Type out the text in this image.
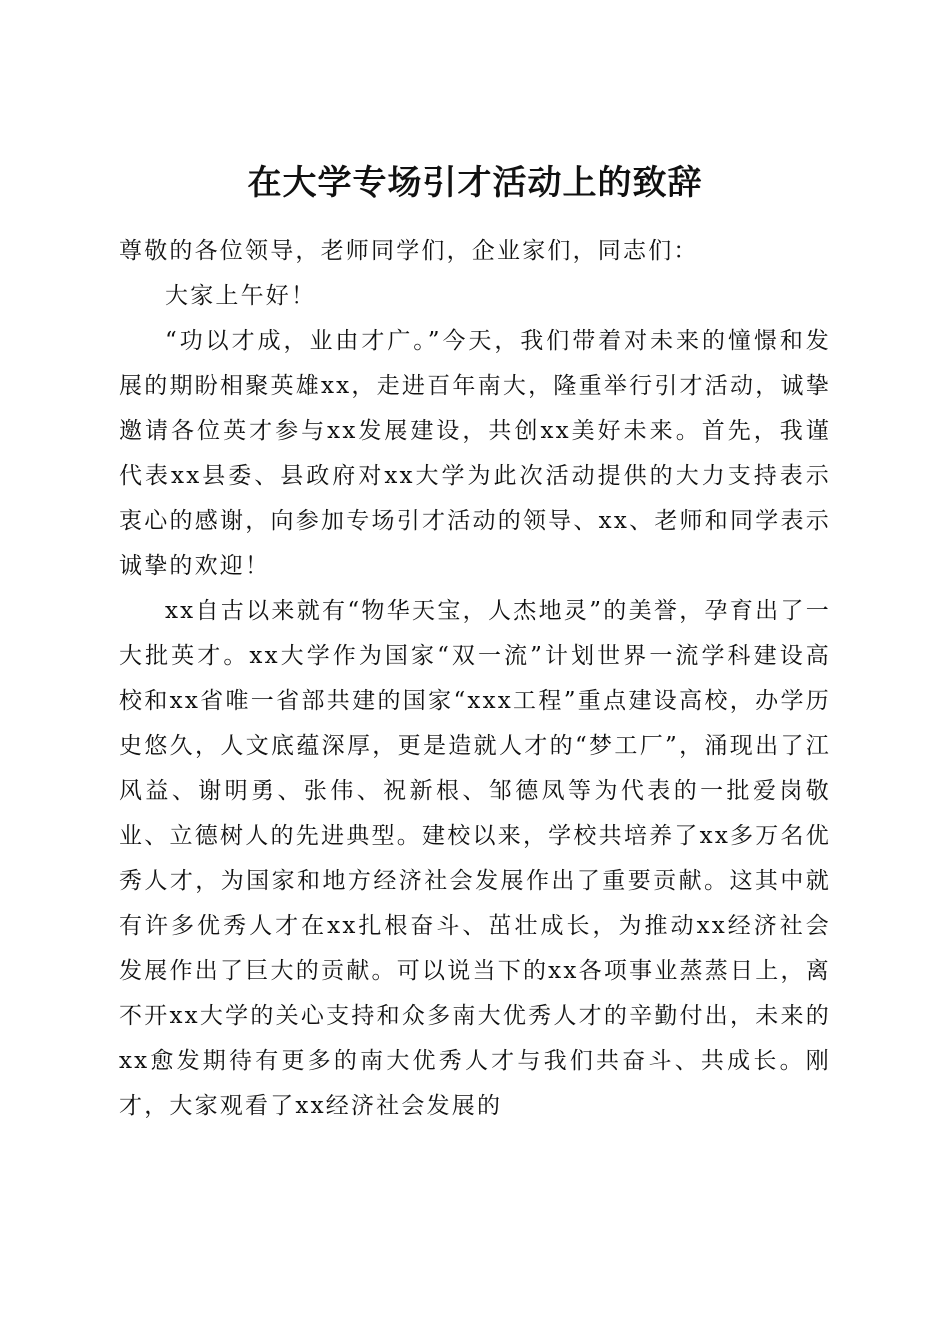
在大学专场引才活动上的致辞

尊敬的各位领导，老师同学们，企业家们，同志们：

大家上午好！

“功以才成，业由才广。”今天，我们带着对未来的憧憬和发展的期盼相聚英雄xx，走进百年南大，隆重举行引才活动，诚挚邀请各位英才参与xx发展建设，共创xx美好未来。首先，我谨代表xx县委、县政府对xx大学为此次活动提供的大力支持表示衷心的感谢，向参加专场引才活动的领导、xx、老师和同学表示诚挚的欢迎！

xx自古以来就有“物华天宝，人杰地灵”的美誉，孕育出了一大批英才。xx大学作为国家“双一流”计划世界一流学科建设高校和xx省唯一省部共建的国家“xxx工程”重点建设高校，办学历史悠久，人文底蕴深厚，更是造就人才的“梦工厂”，涌现出了江风益、谢明勇、张伟、祝新根、邹德凤等为代表的一批爱岗敬业、立德树人的先进典型。建校以来，学校共培养了xx多万名优秀人才，为国家和地方经济社会发展作出了重要贡献。这其中就有许多优秀人才在xx扎根奋斗、茁壮成长，为推动xx经济社会发展作出了巨大的贡献。可以说当下的xx各项事业蒸蒸日上，离不开xx大学的关心支持和众多南大优秀人才的辛勤付出，未来的xx愈发期待有更多的南大优秀人才与我们共奋斗、共成长。刚才，大家观看了xx经济社会发展的
